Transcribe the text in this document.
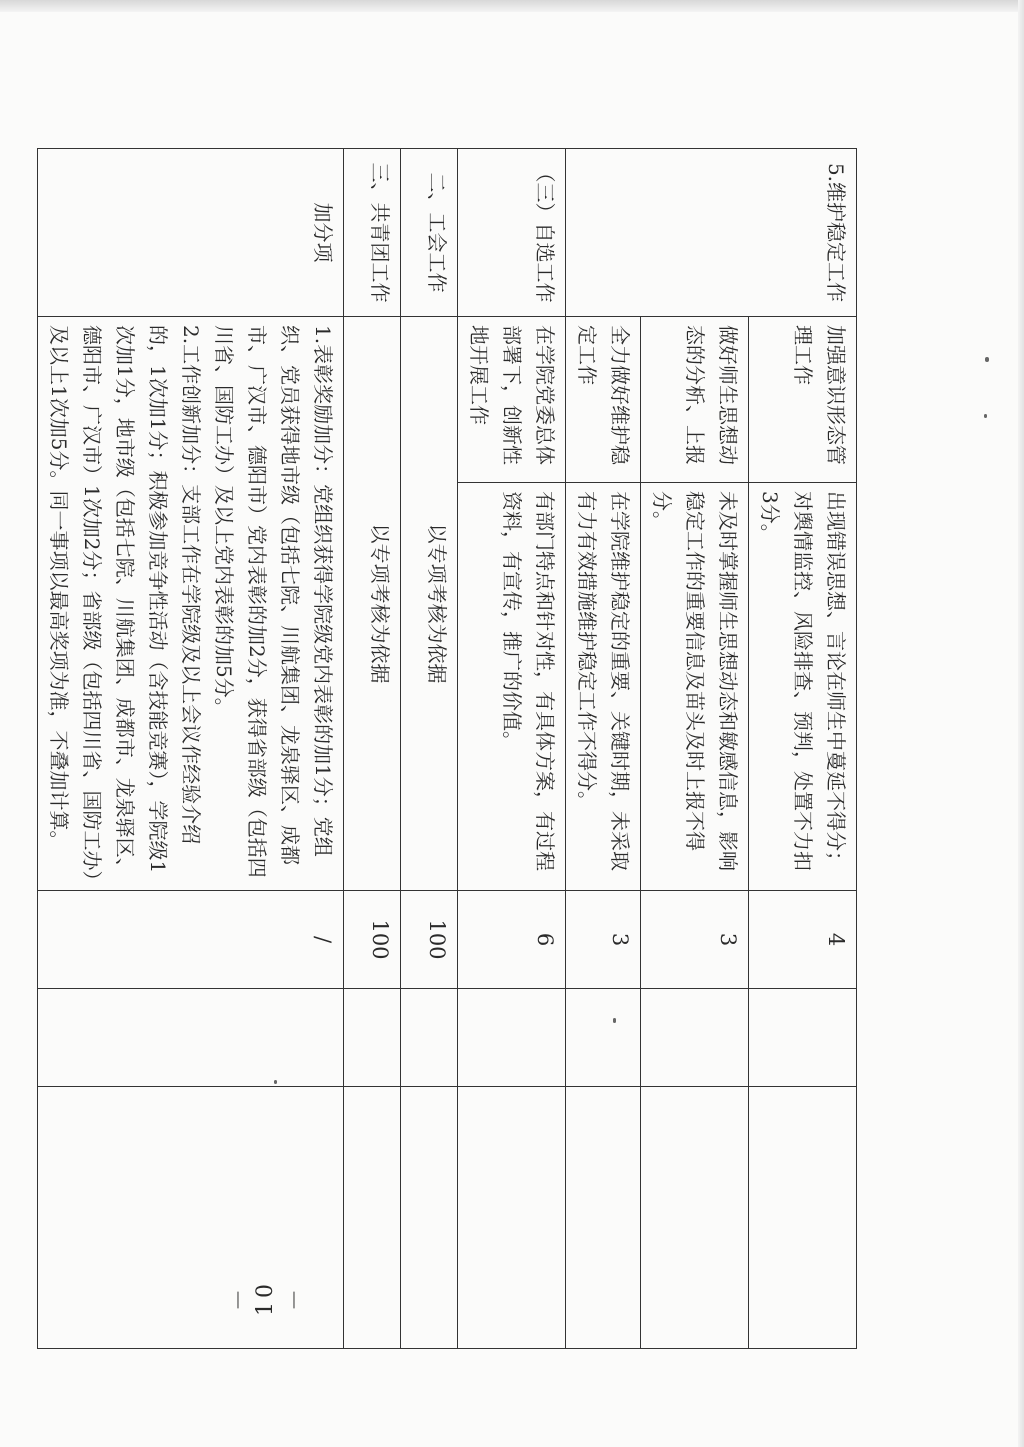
5.维护稳定工作	加强意识形态管理工作	出现错误思想、言论在师生中蔓延不得分；对舆情监控、风险排查、预判，处置不力扣3分。	4		
	做好师生思想动态的分析、上报	未及时掌握师生思想动态和敏感信息，影响稳定工作的重要信息及苗头及时上报不得分。	3		
	全力做好维护稳定工作	在学院维护稳定的重要、关键时期，未采取有力有效措施维护稳定工作不得分。	3		
（三）自选工作	在学院党委总体部署下，创新性地开展工作	有部门特点和针对性，有具体方案，有过程资料，有宣传，推广的价值。	6		
二、工会工作	以专项考核为依据		100		
三、共青团工作	以专项考核为依据		100		
加分项	1.表彰奖励加分：党组织获得学院级党内表彰的加1分；党组织、党员获得地市级（包括七院、川航集团、龙泉驿区、成都市、广汉市、德阳市）党内表彰的加2分，获得省部级（包括四川省、国防工办）及以上党内表彰的加5分。
2.工作创新加分：支部工作在学院级及以上会议作经验介绍的，1次加1分；积极参加竞争性活动（含技能竞赛），学院级1次加1分，地市级（包括七院、川航集团、成都市、龙泉驿区、德阳市、广汉市）1次加2分；省部级（包括四川省、国防工办）及以上1次加5分。同一事项以最高奖项为准，不叠加计算。		/		
－ 10 －
